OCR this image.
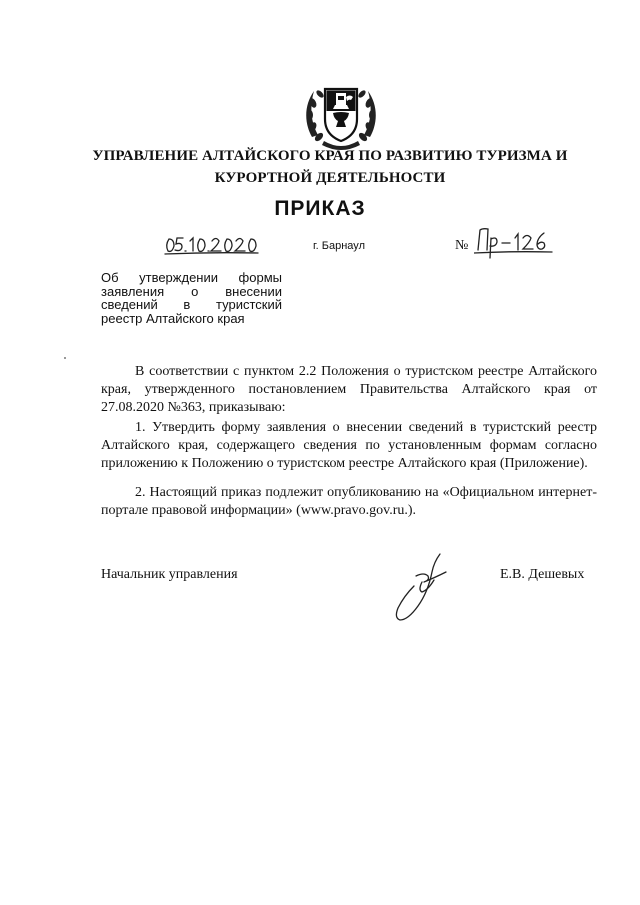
УПРАВЛЕНИЕ АЛТАЙСКОГО КРАЯ ПО РАЗВИТИЮ ТУРИЗМА И
КУРОРТНОЙ ДЕЯТЕЛЬНОСТИ
ПРИКАЗ
г. Барнаул	№
Об утверждении формы
заявления о внесении
сведений в туристский
реестр Алтайского края

В соответствии с пунктом 2.2 Положения о туристском реестре Алтайского края, утвержденного постановлением Правительства Алтайского края от 27.08.2020 №363, приказываю:

1. Утвердить форму заявления о внесении сведений в туристский реестр Алтайского края, содержащего сведения по установленным формам согласно приложению к Положению о туристском реестре Алтайского края (Приложение).

2. Настоящий приказ подлежит опубликованию на «Официальном интернет-портале правовой информации» (www.pravo.gov.ru.).

Начальник управления	Е.В. Дешевых
